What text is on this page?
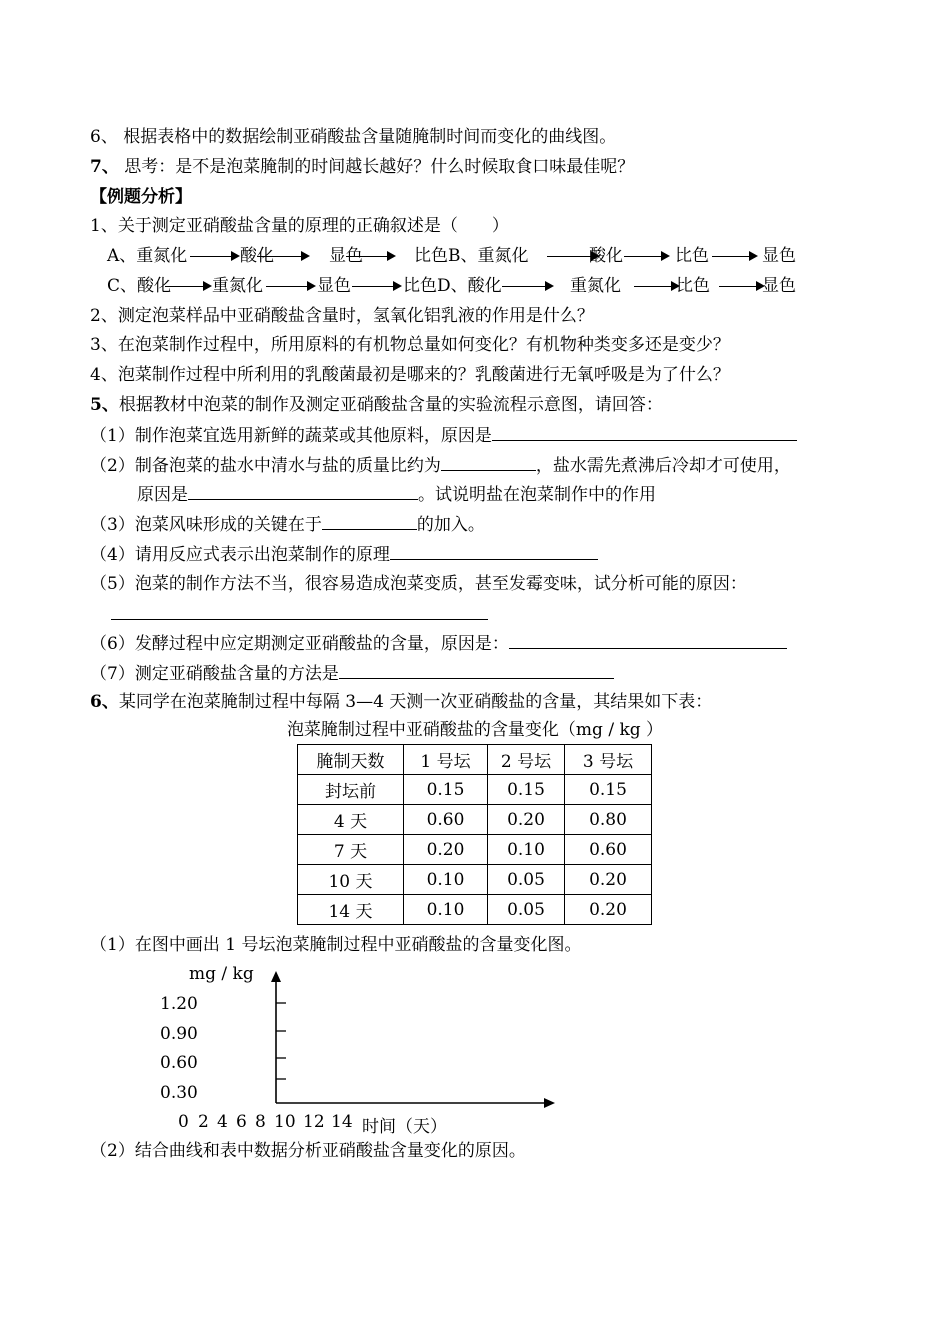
6、 根据表格中的数据绘制亚硝酸盐含量随腌制时间而变化的曲线图。
7、 思考：是不是泡菜腌制的时间越长越好？什么时候取食口味最佳呢？
【例题分析】
1、关于测定亚硝酸盐含量的原理的正确叙述是（　　）
A、重氮化	酸化	显色	比色 B、重氮化	酸化	比色	显色
C、酸化 重氮化	显色	比色 D、酸化	重氮化	比色	显色
2、测定泡菜样品中亚硝酸盐含量时，氢氧化铝乳液的作用是什么？
3、在泡菜制作过程中，所用原料的有机物总量如何变化？有机物种类变多还是变少？
4、泡菜制作过程中所利用的乳酸菌最初是哪来的？乳酸菌进行无氧呼吸是为了什么？
5、根据教材中泡菜的制作及测定亚硝酸盐含量的实验流程示意图，请回答：
（1）制作泡菜宜选用新鲜的蔬菜或其他原料，原因是
（2）制备泡菜的盐水中清水与盐的质量比约为	，盐水需先煮沸后冷却才可使用，
原因是	。试说明盐在泡菜制作中的作用
（3）泡菜风味形成的关键在于	的加入。
（4）请用反应式表示出泡菜制作的原理
（5）泡菜的制作方法不当，很容易造成泡菜变质，甚至发霉变味，试分析可能的原因：
（6）发酵过程中应定期测定亚硝酸盐的含量，原因是：
（7）测定亚硝酸盐含量的方法是
6、某同学在泡菜腌制过程中每隔 3—4 天测一次亚硝酸盐的含量，其结果如下表：
泡菜腌制过程中亚硝酸盐的含量变化（mg / kg ）
腌制天数	1 号坛	2 号坛	3 号坛
封坛前	0.15	0.15	0.15
4 天	0.60	0.20	0.80
7 天	0.20	0.10	0.60
10 天	0.10	0.05	0.20
14 天	0.10	0.05	0.20
（1）在图中画出 1 号坛泡菜腌制过程中亚硝酸盐的含量变化图。
mg / kg
1.20
0.90
0.60
0.30
0 2 4 6 8 10 12 14 时间（天）
（2）结合曲线和表中数据分析亚硝酸盐含量变化的原因。
